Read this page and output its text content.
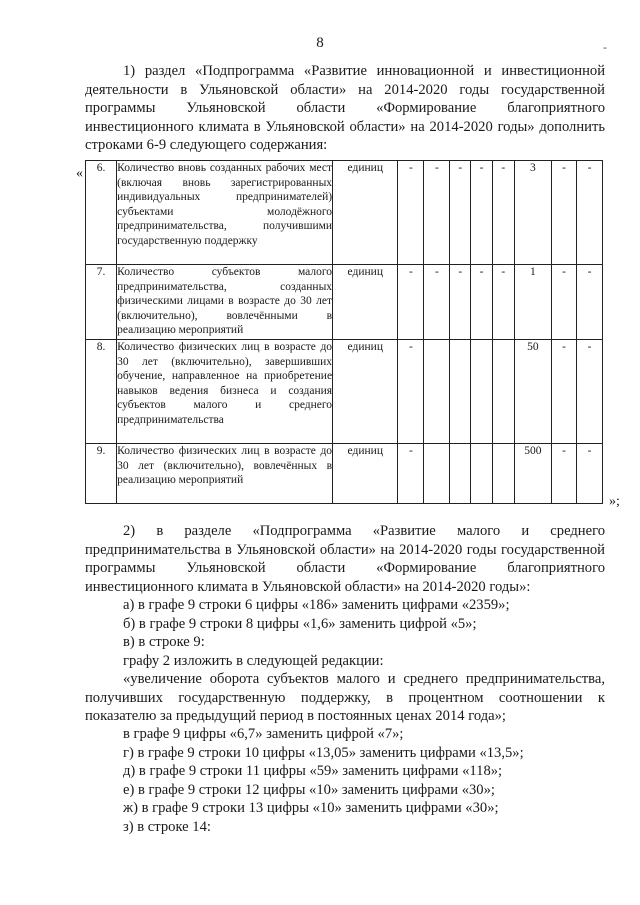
8	-

1) раздел «Подпрограмма «Развитие инновационной и инвестиционной деятельности в Ульяновской области» на 2014-2020 годы государственной программы Ульяновской области «Формирование благоприятного инвестиционного климата в Ульяновской области» на 2014-2020 годы» дополнить строками 6-9 следующего содержания:

« 6.	Количество вновь созданных рабочих мест (включая вновь зарегистрированных индивидуальных предпринимателей) субъектами молодёжного предпринимательства, получившими государственную поддержку	единиц	-	-	-	-	-	3	-	-
7.	Количество субъектов малого предпринимательства, созданных физическими лицами в возрасте до 30 лет (включительно), вовлечёнными в реализацию мероприятий	единиц	-	-	-	-	-	1	-	-
8.	Количество физических лиц в возрасте до 30 лет (включительно), завершивших обучение, направленное на приобретение навыков ведения бизнеса и создания субъектов малого и среднего предпринимательства	единиц	-					50	-	-
9.	Количество физических лиц в возрасте до 30 лет (включительно), вовлечённых в реализацию мероприятий	единиц	-					500	-	-
»;

2) в разделе «Подпрограмма «Развитие малого и среднего предпринимательства в Ульяновской области» на 2014-2020 годы государственной программы Ульяновской области «Формирование благоприятного инвестиционного климата в Ульяновской области» на 2014-2020 годы»:

а) в графе 9 строки 6 цифры «186» заменить цифрами «2359»;

б) в графе 9 строки 8 цифры «1,6» заменить цифрой «5»;

в) в строке 9:

графу 2 изложить в следующей редакции:

«увеличение оборота субъектов малого и среднего предпринимательства, получивших государственную поддержку, в процентном соотношении к показателю за предыдущий период в постоянных ценах 2014 года»;

в графе 9 цифры «6,7» заменить цифрой «7»;

г) в графе 9 строки 10 цифры «13,05» заменить цифрами «13,5»;

д) в графе 9 строки 11 цифры «59» заменить цифрами «118»;

е) в графе 9 строки 12 цифры «10» заменить цифрами «30»;

ж) в графе 9 строки 13 цифры «10» заменить цифрами «30»;

з) в строке 14:
